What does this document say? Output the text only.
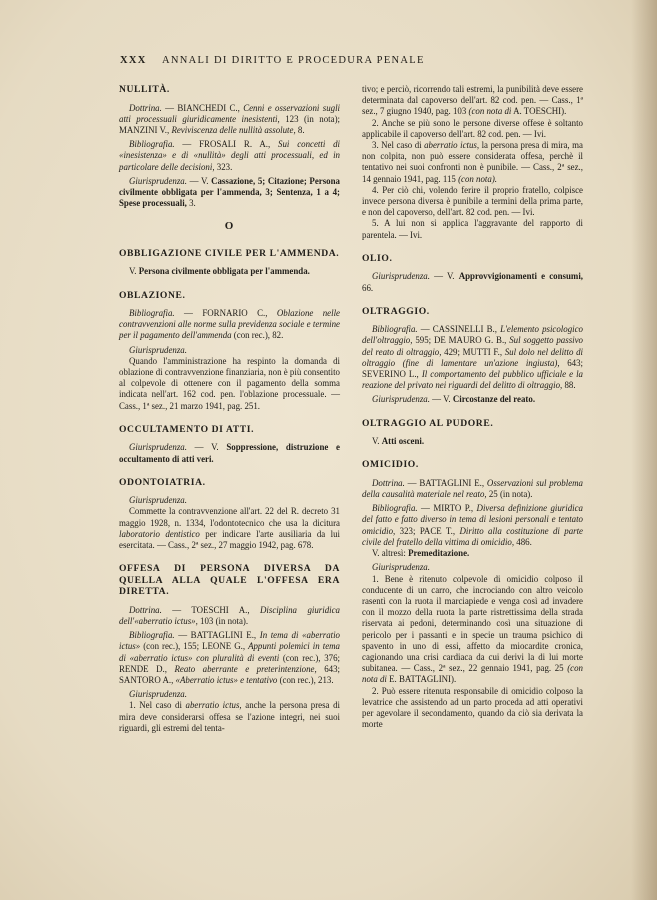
XXX ANNALI DI DIRITTO E PROCEDURA PENALE
NULLITÀ.

Dottrina. — BIANCHEDI C., Cenni e osservazioni sugli atti processuali giuridicamente inesistenti, 123 (in nota); MANZINI V., Reviviscenza delle nullità assolute, 8.

Bibliografia. — FROSALI R. A., Sui concetti di «inesistenza» e di «nullità» degli atti processuali, ed in particolare delle decisioni, 323.

Giurisprudenza. — V. Cassazione, 5; Citazione; Persona civilmente obbligata per l'ammenda, 3; Sentenza, 1 a 4; Spese processuali, 3.

O
OBBLIGAZIONE CIVILE PER L'AMMENDA.

V. Persona civilmente obbligata per l'ammenda.

OBLAZIONE.

Bibliografia. — FORNARIO C., Oblazione nelle contravvenzioni alle norme sulla previdenza sociale e termine per il pagamento dell'ammenda (con rec.), 82.

Giurisprudenza.

Quando l'amministrazione ha respinto la domanda di oblazione di contravvenzione finanziaria, non è più consentito al colpevole di ottenere con il pagamento della somma indicata nell'art. 162 cod. pen. l'oblazione processuale. — Cass., 1ª sez., 21 marzo 1941, pag. 251.

OCCULTAMENTO DI ATTI.

Giurisprudenza. — V. Soppressione, distruzione e occultamento di atti veri.

ODONTOIATRIA.

Giurisprudenza.

Commette la contravvenzione all'art. 22 del R. decreto 31 maggio 1928, n. 1334, l'odontotecnico che usa la dicitura laboratorio dentistico per indicare l'arte ausiliaria da lui esercitata. — Cass., 2ª sez., 27 maggio 1942, pag. 678.

OFFESA DI PERSONA DIVERSA DA QUELLA ALLA QUALE L'OFFESA ERA DIRETTA.

Dottrina. — TOESCHI A., Disciplina giuridica dell'«aberratio ictus», 103 (in nota).

Bibliografia. — BATTAGLINI E., In tema di «aberratio ictus» (con rec.), 155; LEONE G., Appunti polemici in tema di «aberratio ictus» con pluralità di eventi (con rec.), 376; RENDE D., Reato aberrante e preterintenzione, 643; SANTORO A., «Aberratio ictus» e tentativo (con rec.), 213.

Giurisprudenza.

1. Nel caso di aberratio ictus, anche la persona presa di mira deve considerarsi offesa se l'azione integri, nei suoi riguardi, gli estremi del tenta-

tivo; e perciò, ricorrendo tali estremi, la punibilità deve essere determinata dal capoverso dell'art. 82 cod. pen. — Cass., 1ª sez., 7 giugno 1940, pag. 103 (con nota di A. TOESCHI).

2. Anche se più sono le persone diverse offese è soltanto applicabile il capoverso dell'art. 82 cod. pen. — Ivi.

3. Nel caso di aberratio ictus, la persona presa di mira, ma non colpita, non può essere considerata offesa, perchè il tentativo nei suoi confronti non è punibile. — Cass., 2ª sez., 14 gennaio 1941, pag. 115 (con nota).

4. Per ciò chi, volendo ferire il proprio fratello, colpisce invece persona diversa è punibile a termini della prima parte, e non del capoverso, dell'art. 82 cod. pen. — Ivi.

5. A lui non si applica l'aggravante del rapporto di parentela. — Ivi.

OLIO.

Giurisprudenza. — V. Approvvigionamenti e consumi, 66.

OLTRAGGIO.

Bibliografia. — CASSINELLI B., L'elemento psicologico dell'oltraggio, 595; DE MAURO G. B., Sul soggetto passivo del reato di oltraggio, 429; MUTTI F., Sul dolo nel delitto di oltraggio (fine di lamentare un'azione ingiusta), 643; SEVERINO L., Il comportamento del pubblico ufficiale e la reazione del privato nei riguardi del delitto di oltraggio, 88.

Giurisprudenza. — V. Circostanze del reato.

OLTRAGGIO AL PUDORE.

V. Atti osceni.

OMICIDIO.

Dottrina. — BATTAGLINI E., Osservazioni sul problema della causalità materiale nel reato, 25 (in nota).

Bibliografia. — MIRTO P., Diversa definizione giuridica del fatto e fatto diverso in tema di lesioni personali e tentato omicidio, 323; PACE T., Diritto alla costituzione di parte civile del fratello della vittima di omicidio, 486.

V. altresì: Premeditazione.

Giurisprudenza.

1. Bene è ritenuto colpevole di omicidio colposo il conducente di un carro, che incrociando con altro veicolo rasentì con la ruota il marciapiede e venga così ad invadere con il mozzo della ruota la parte ristrettissima della strada riservata ai pedoni, determinando così una situazione di pericolo per i passanti e in specie un trauma psichico di spavento in uno di essi, affetto da miocardite cronica, cagionando una crisi cardiaca da cui derivi la di lui morte subitanea. — Cass., 2ª sez., 22 gennaio 1941, pag. 25 (con nota di E. BATTAGLINI).

2. Può essere ritenuta responsabile di omicidio colposo la levatrice che assistendo ad un parto proceda ad atti operativi per agevolare il secondamento, quando da ciò sia derivata la morte
